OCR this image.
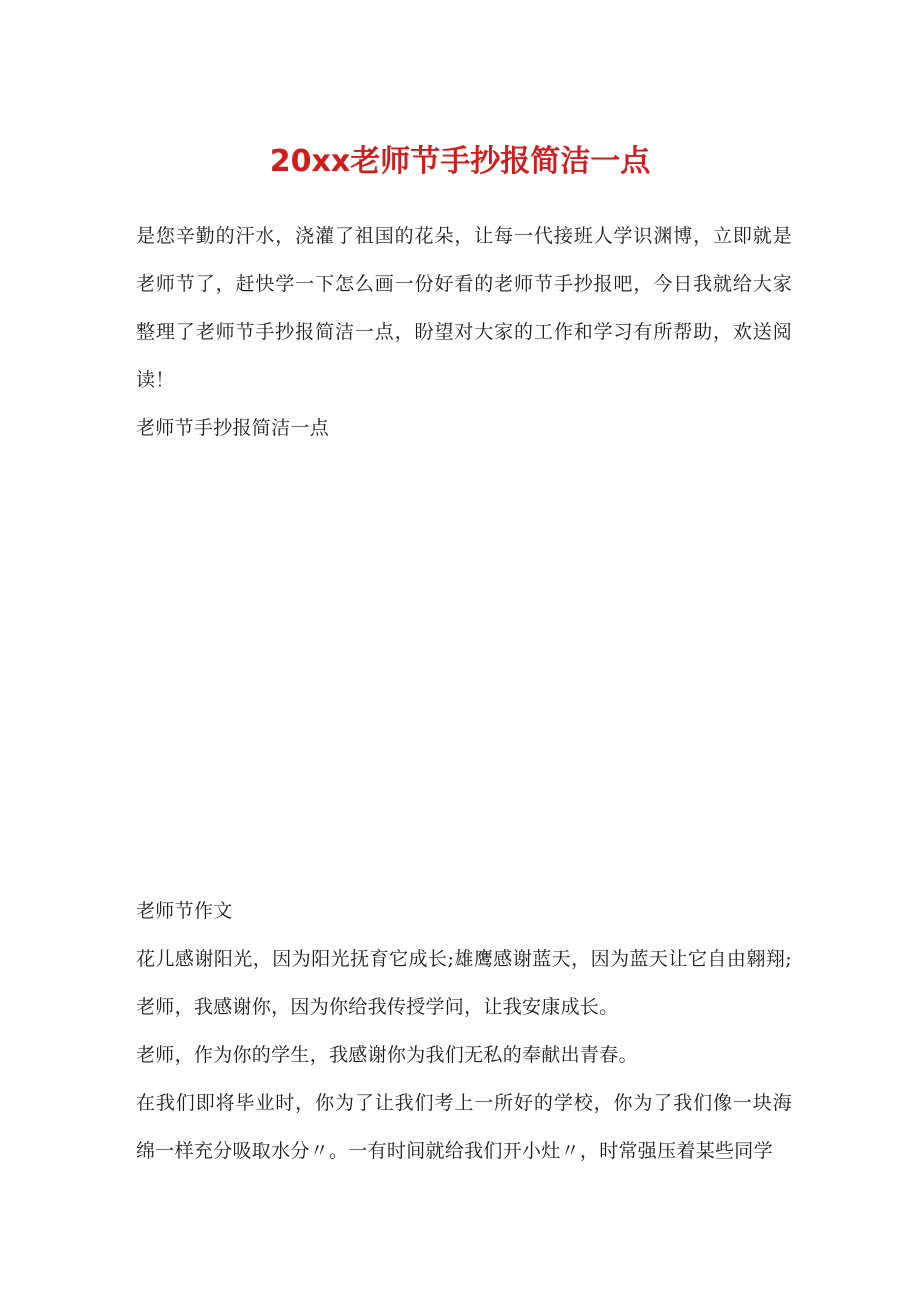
20xx老师节手抄报简洁一点

是您辛勤的汗水，浇灌了祖国的花朵，让每一代接班人学识渊博，立即就是老师节了，赶快学一下怎么画一份好看的老师节手抄报吧，今日我就给大家整理了老师节手抄报简洁一点，盼望对大家的工作和学习有所帮助，欢送阅读！

老师节手抄报简洁一点

老师节作文

花儿感谢阳光，因为阳光抚育它成长;雄鹰感谢蓝天，因为蓝天让它自由翱翔;老师，我感谢你，因为你给我传授学问，让我安康成长。

老师，作为你的学生，我感谢你为我们无私的奉献出青春。

在我们即将毕业时，你为了让我们考上一所好的学校，你为了我们像一块海绵一样充分吸取水分〃。一有时间就给我们开小灶〃，时常强压着某些同学
